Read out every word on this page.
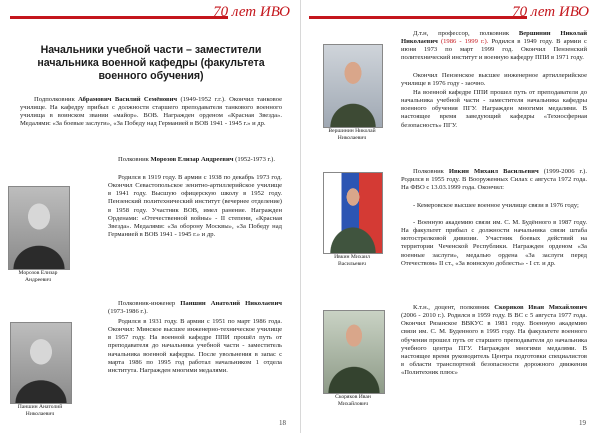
70 лет ИВО
Начальники учебной части – заместители начальника военной кафедры (факультета военного обучения)

Подполковник Абрамович Василий Семёнович (1949-1952 г.г.). Окончил танковое училище. На кафедру прибыл с должности старшего преподавателя танкового военного училища в воинском звании «майор». ВОВ. Награжден орденом «Красная Звезда». Медалями: «За боевые заслуги», «За Победу над Германией в ВОВ 1941 - 1945 г.» и др.

Морозов Елизар Андреевич

Полковник Морозов Елизар Андреевич (1952-1973 г.).

Родился в 1919 году. В армии с 1938 по декабрь 1973 год. Окончил Севастопольское зенитно-артиллерийское училище в 1941 году. Высшую офицерскую школу в 1952 году. Пензенский политехнический институт (вечернее отделение) в 1958 году. Участник ВОВ, имел ранение. Награжден Орденами: «Отечественной войны» - II степени, «Красная Звезда». Медалями: «За оборону Москвы», «За Победу над Германией в ВОВ 1941 - 1945 г.» и др.

Паншин Анатолий Николаевич

Полковник-инженер Паншин Анатолий Николаевич (1973-1986 г.).

Родился в 1931 году. В армии с 1951 по март 1986 года. Окончил: Минское высшее инженерно-техническое училище в 1957 году. На военной кафедре ППИ прошёл путь от преподавателя до начальника учебной части - заместитель начальника военной кафедры. После увольнения в запас с марта 1986 по 1995 год работал начальником 1 отдела института. Награжден многими медалями.

18
70 лет ИВО
Вершинин Николай Николаевич

Д.т.н, профессор, полковник Вершинин Николай Николаевич (1986 - 1999 г.). Родился в 1949 году. В армии с июня 1973 по март 1999 год. Окончил Пензенский политехнический институт и военную кафедру ППИ в 1971 году.

Окончил Пензенское высшее инженерное артиллерийское училище в 1976 году - заочно.

На военной кафедре ППИ прошел путь от преподавателя до начальника учебной части - заместителя начальника кафедры военного обучения ПГУ. Награжден многими медалями. В настоящее время заведующий кафедры «Техносферная безопасность» ПГУ.

Ивкин Михаил Васильевич

Полковник Ивкин Михаил Васильевич (1999-2006 г.). Родился в 1955 году. В Вооруженных Силах с августа 1972 года. На ФВО с 13.03.1999 года. Окончил:

- Кемеровское высшее военное училище связи в 1976 году;

- Военную академию связи им. С. М. Будённого в 1987 году. На факультет прибыл с должности начальника связи штаба мотострелковой дивизии. Участник боевых действий на территории Чеченской Республики. Награжден орденом «За военные заслуги», медалью ордена «За заслуги перед Отечеством» II ст., «За воинскую доблесть» - I ст. и др.

Скоряков Иван Михайлович

К.т.н., доцент, полковник Скоряков Иван Михайлович (2006 - 2010 г.). Родился в 1959 году. В ВС с 5 августа 1977 года. Окончил Рязанское ВВКУС в 1981 году. Военную академию связи им. С. М. Буденного в 1995 году. На факультете военного обучения прошел путь от старшего преподавателя до начальника учебного центра ПГУ. Награжден многими медалями. В настоящее время руководитель Центра подготовки специалистов в области транспортной безопасности дорожного движения «Политехник плюс»

19
